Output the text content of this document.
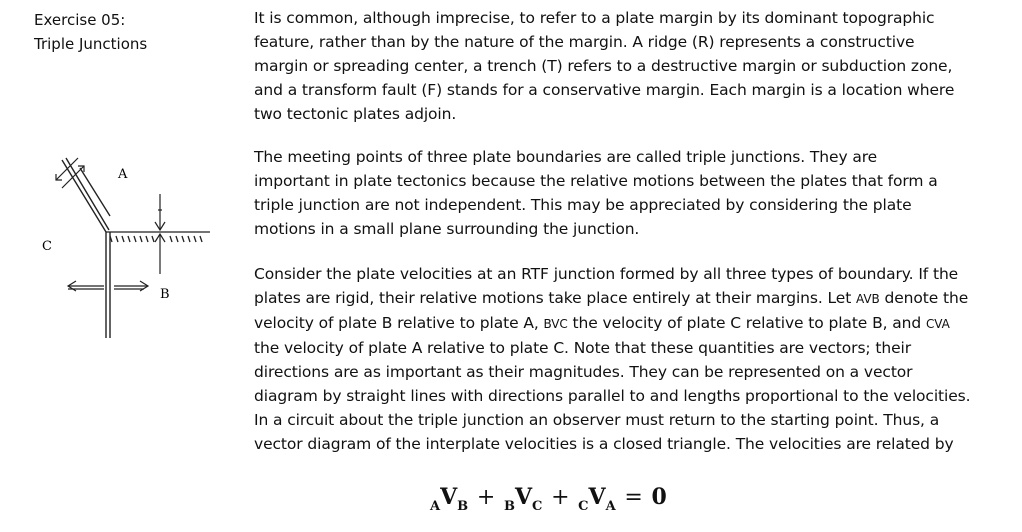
Exercise 05:
Triple Junctions
A
B
C
It is common, although imprecise, to refer to a plate margin by its dominant topographic
feature, rather than by the nature of the margin. A ridge (R) represents a constructive
margin or spreading center, a trench (T) refers to a destructive margin or subduction zone,
and a transform fault (F) stands for a conservative margin. Each margin is a location where
two tectonic plates adjoin.
The meeting points of three plate boundaries are called triple junctions. They are
important in plate tectonics because the relative motions between the plates that form a
triple junction are not independent. This may be appreciated by considering the plate
motions in a small plane surrounding the junction.
Consider the plate velocities at an RTF junction formed by all three types of boundary. If the
plates are rigid, their relative motions take place entirely at their margins. Let AVB denote the
velocity of plate B relative to plate A, BVC the velocity of plate C relative to plate B, and CVA
the velocity of plate A relative to plate C. Note that these quantities are vectors; their
directions are as important as their magnitudes. They can be represented on a vector
diagram by straight lines with directions parallel to and lengths proportional to the velocities.
In a circuit about the triple junction an observer must return to the starting point. Thus, a
vector diagram of the interplate velocities is a closed triangle. The velocities are related by
$_AV_B + _BV_C + _CV_A = 0$
